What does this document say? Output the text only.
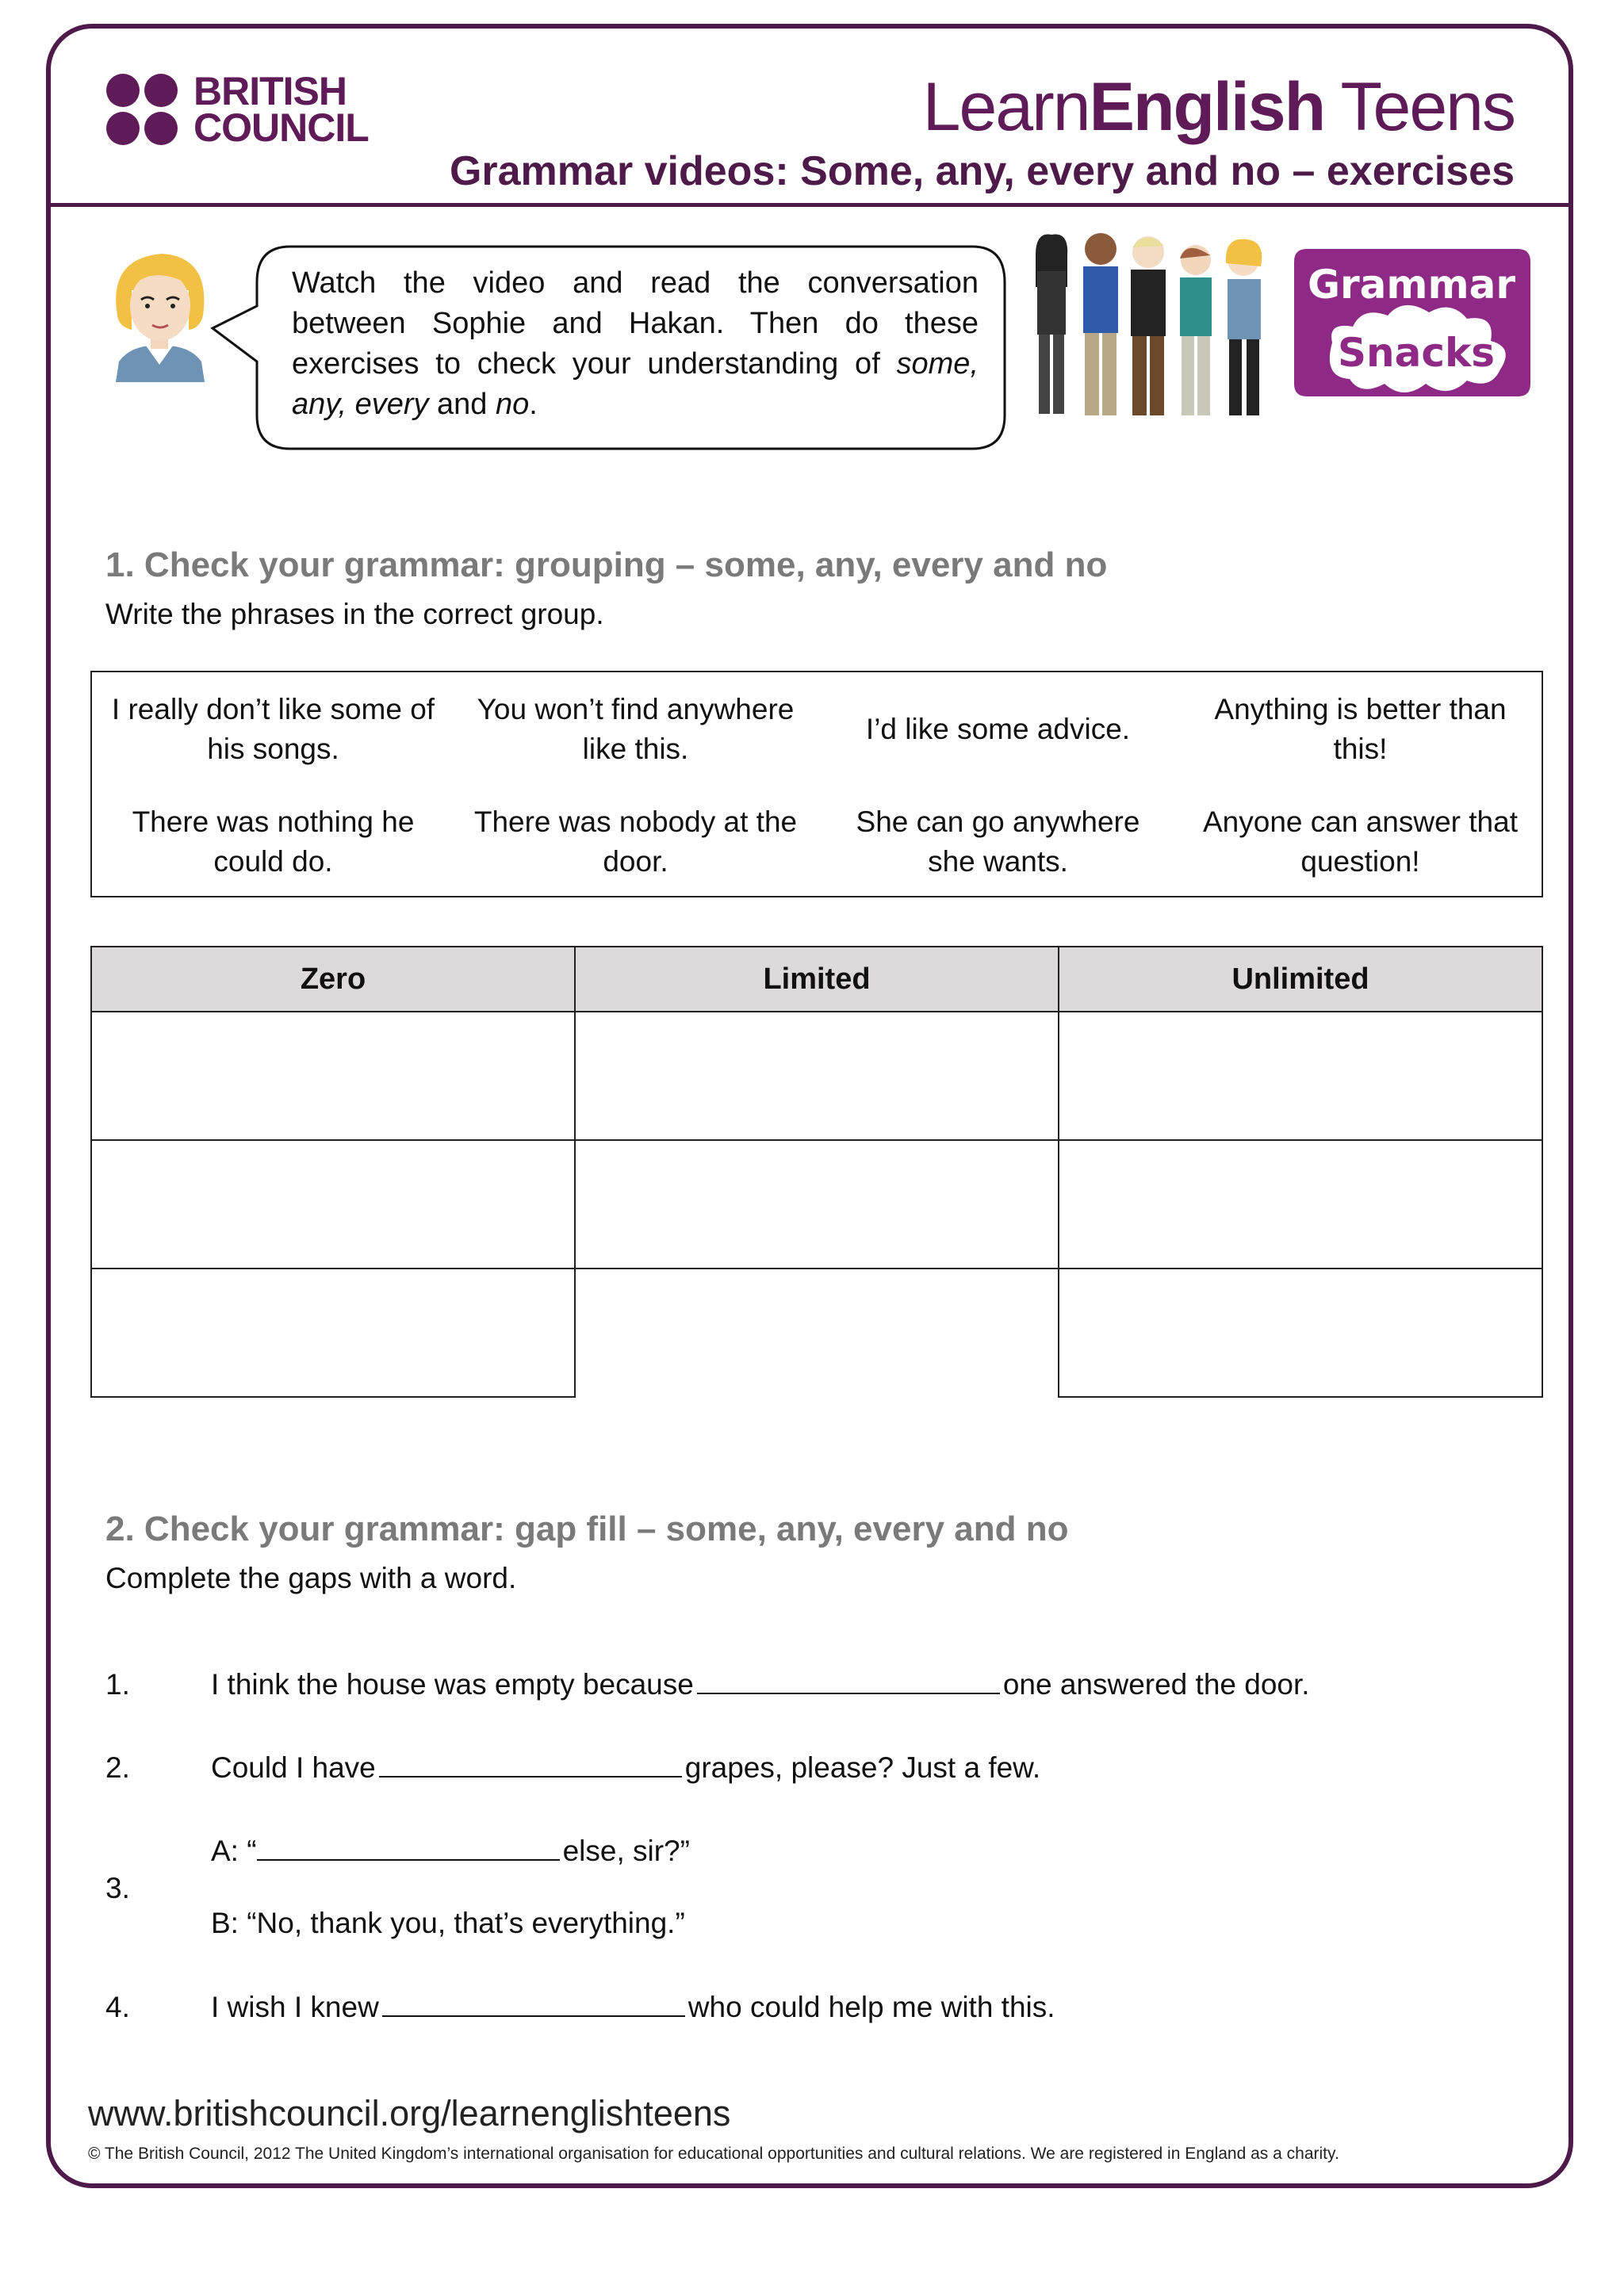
BRITISH
COUNCIL	LearnEnglish Teens
Grammar videos: Some, any, every and no – exercises
Watch the video and read the conversation between Sophie and Hakan. Then do these exercises to check your understanding of some, any, every and no.
Grammar
Snacks
1. Check your grammar: grouping – some, any, every and no
Write the phrases in the correct group.
I really don’t like some of his songs.
You won’t find anywhere like this.
I’d like some advice.
Anything is better than this!
There was nothing he could do.
There was nobody at the door.
She can go anywhere she wants.
Anyone can answer that question!
Zero	Limited	Unlimited

2. Check your grammar: gap fill – some, any, every and no
Complete the gaps with a word.
1.	I think the house was empty because	one answered the door.
2.	Could I have	grapes, please? Just a few.
3.
A: “	else, sir?”
B: “No, thank you, that’s everything.”
4.	I wish I knew	who could help me with this.
www.britishcouncil.org/learnenglishteens
© The British Council, 2012 The United Kingdom’s international organisation for educational opportunities and cultural relations. We are registered in England as a charity.
